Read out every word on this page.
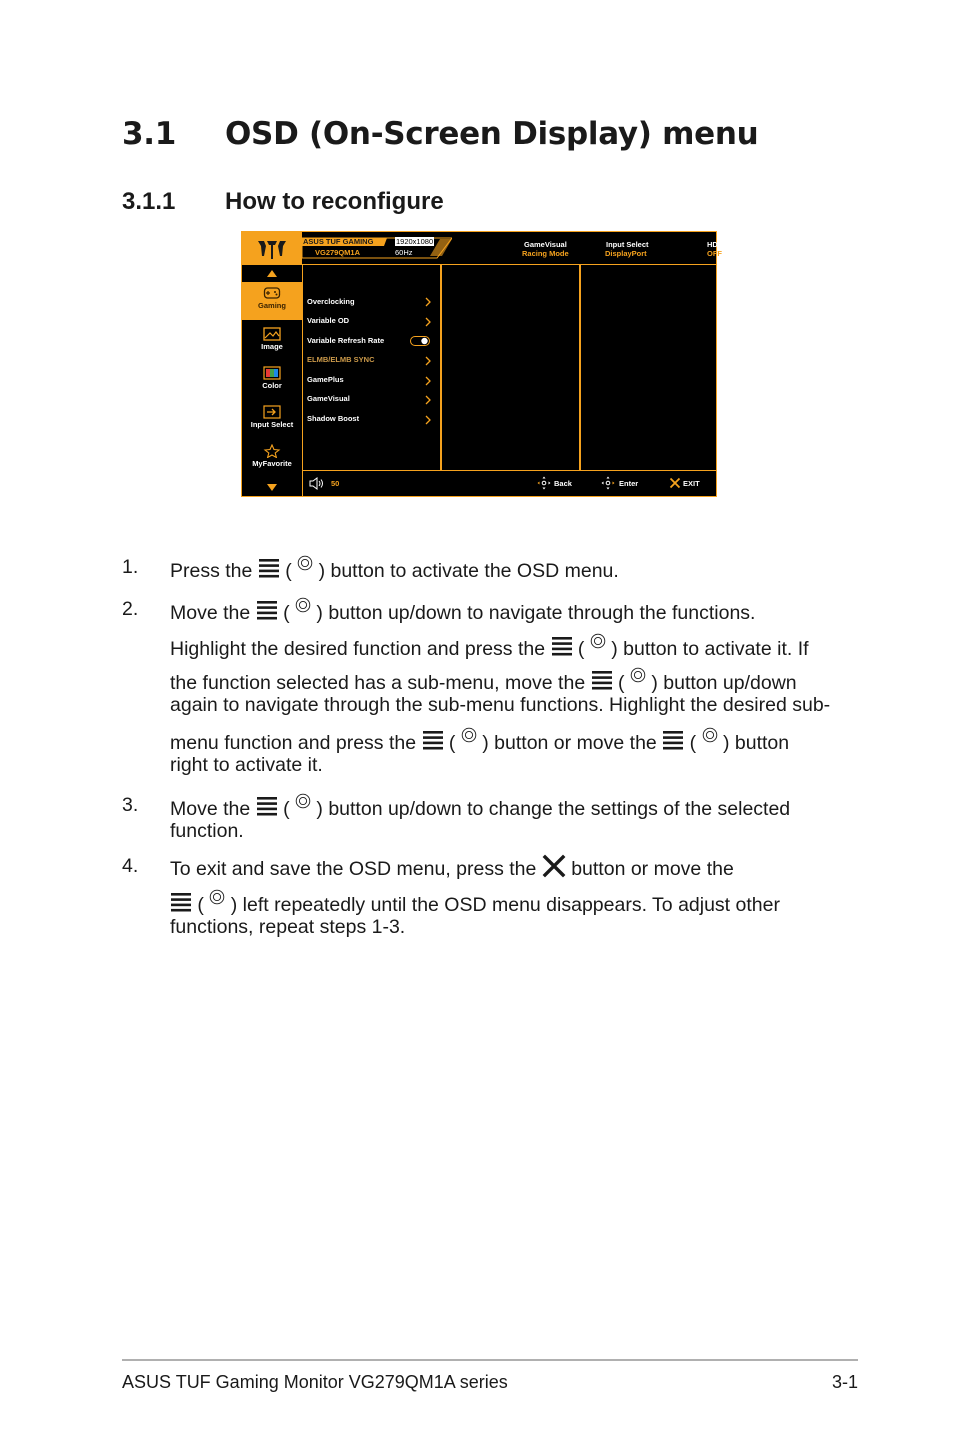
3.1 OSD (On-Screen Display) menu
3.1.1 How to reconfigure
ASUS TUF GAMING
VG279QM1A
1920x1080
60Hz
GameVisual
Racing Mode
Input Select
DisplayPort
HDR
OFF
Gaming
Image
Color
Input Select
MyFavorite
Overclocking
Variable OD
Variable Refresh Rate
ELMB/ELMB SYNC
GamePlus
GameVisual
Shadow Boost
50	Back	Enter	EXIT
1. Press the ( ) button to activate the OSD menu.
2. Move the ( ) button up/down to navigate through the functions.
Highlight the desired function and press the ( ) button to activate it. If
the function selected has a sub-menu, move the ( ) button up/down
again to navigate through the sub-menu functions. Highlight the desired sub-
menu function and press the ( ) button or move the ( ) button
right to activate it.
3. Move the ( ) button up/down to change the settings of the selected
function.
4. To exit and save the OSD menu, press the button or move the
( ) left repeatedly until the OSD menu disappears. To adjust other
functions, repeat steps 1-3.
ASUS TUF Gaming Monitor VG279QM1A series	3-1
